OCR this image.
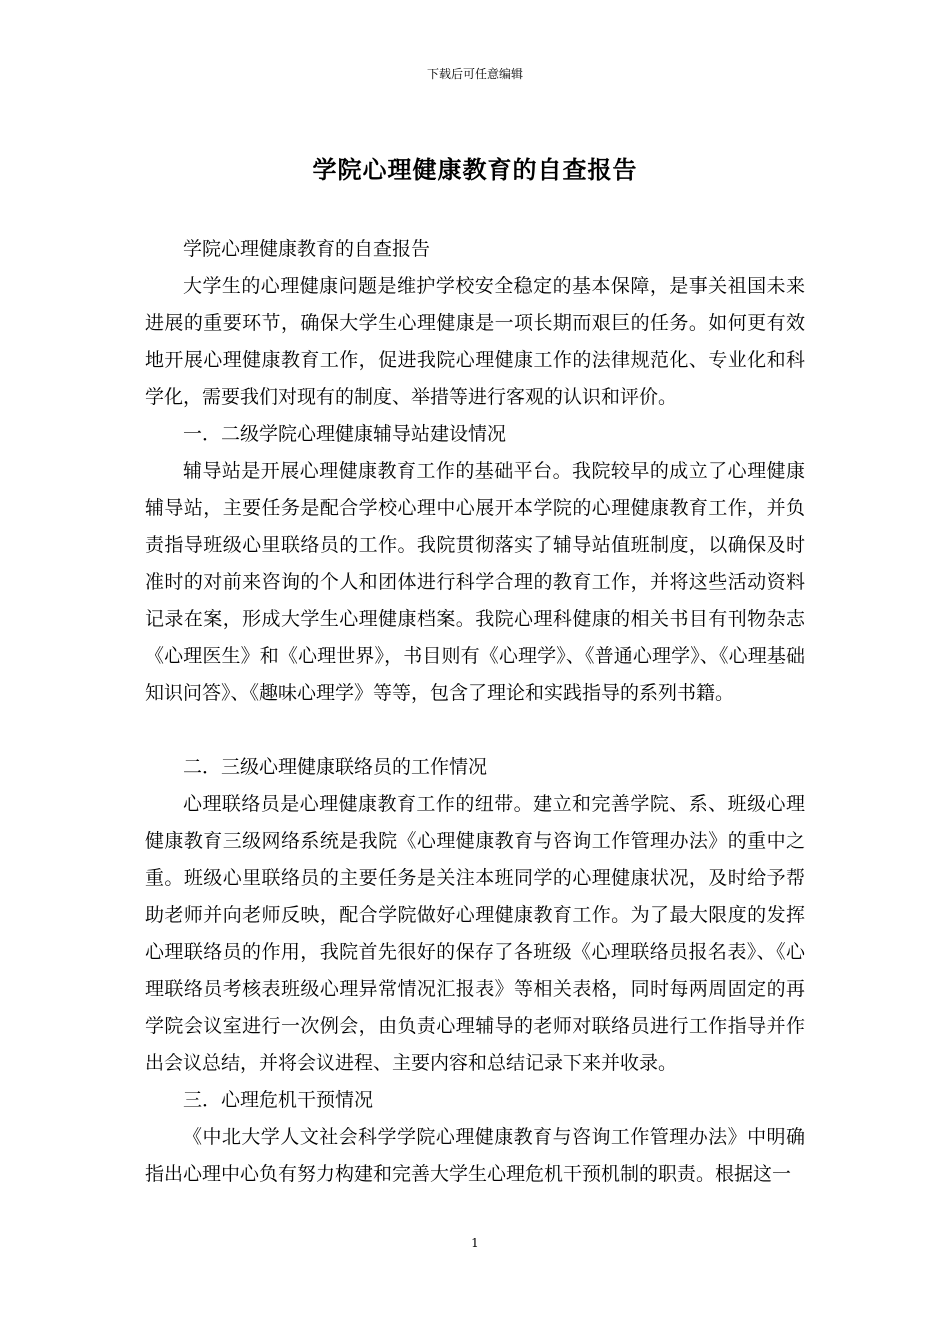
下载后可任意编辑
学院心理健康教育的自查报告

学院心理健康教育的自查报告

大学生的心理健康问题是维护学校安全稳定的基本保障，是事关祖国未来进展的重要环节，确保大学生心理健康是一项长期而艰巨的任务。如何更有效地开展心理健康教育工作，促进我院心理健康工作的法律规范化、专业化和科学化，需要我们对现有的制度、举措等进行客观的认识和评价。

一．二级学院心理健康辅导站建设情况

辅导站是开展心理健康教育工作的基础平台。我院较早的成立了心理健康辅导站，主要任务是配合学校心理中心展开本学院的心理健康教育工作，并负责指导班级心里联络员的工作。我院贯彻落实了辅导站值班制度，以确保及时准时的对前来咨询的个人和团体进行科学合理的教育工作，并将这些活动资料记录在案，形成大学生心理健康档案。我院心理科健康的相关书目有刊物杂志《心理医生》和《心理世界》，书目则有《心理学》、《普通心理学》、《心理基础知识问答》、《趣味心理学》等等，包含了理论和实践指导的系列书籍。

二．三级心理健康联络员的工作情况

心理联络员是心理健康教育工作的纽带。建立和完善学院、系、班级心理健康教育三级网络系统是我院《心理健康教育与咨询工作管理办法》的重中之重。班级心里联络员的主要任务是关注本班同学的心理健康状况，及时给予帮助老师并向老师反映，配合学院做好心理健康教育工作。为了最大限度的发挥心理联络员的作用，我院首先很好的保存了各班级《心理联络员报名表》、《心理联络员考核表班级心理异常情况汇报表》等相关表格，同时每两周固定的再学院会议室进行一次例会，由负责心理辅导的老师对联络员进行工作指导并作出会议总结，并将会议进程、主要内容和总结记录下来并收录。

三．心理危机干预情况

《中北大学人文社会科学学院心理健康教育与咨询工作管理办法》中明确指出心理中心负有努力构建和完善大学生心理危机干预机制的职责。根据这一

1
